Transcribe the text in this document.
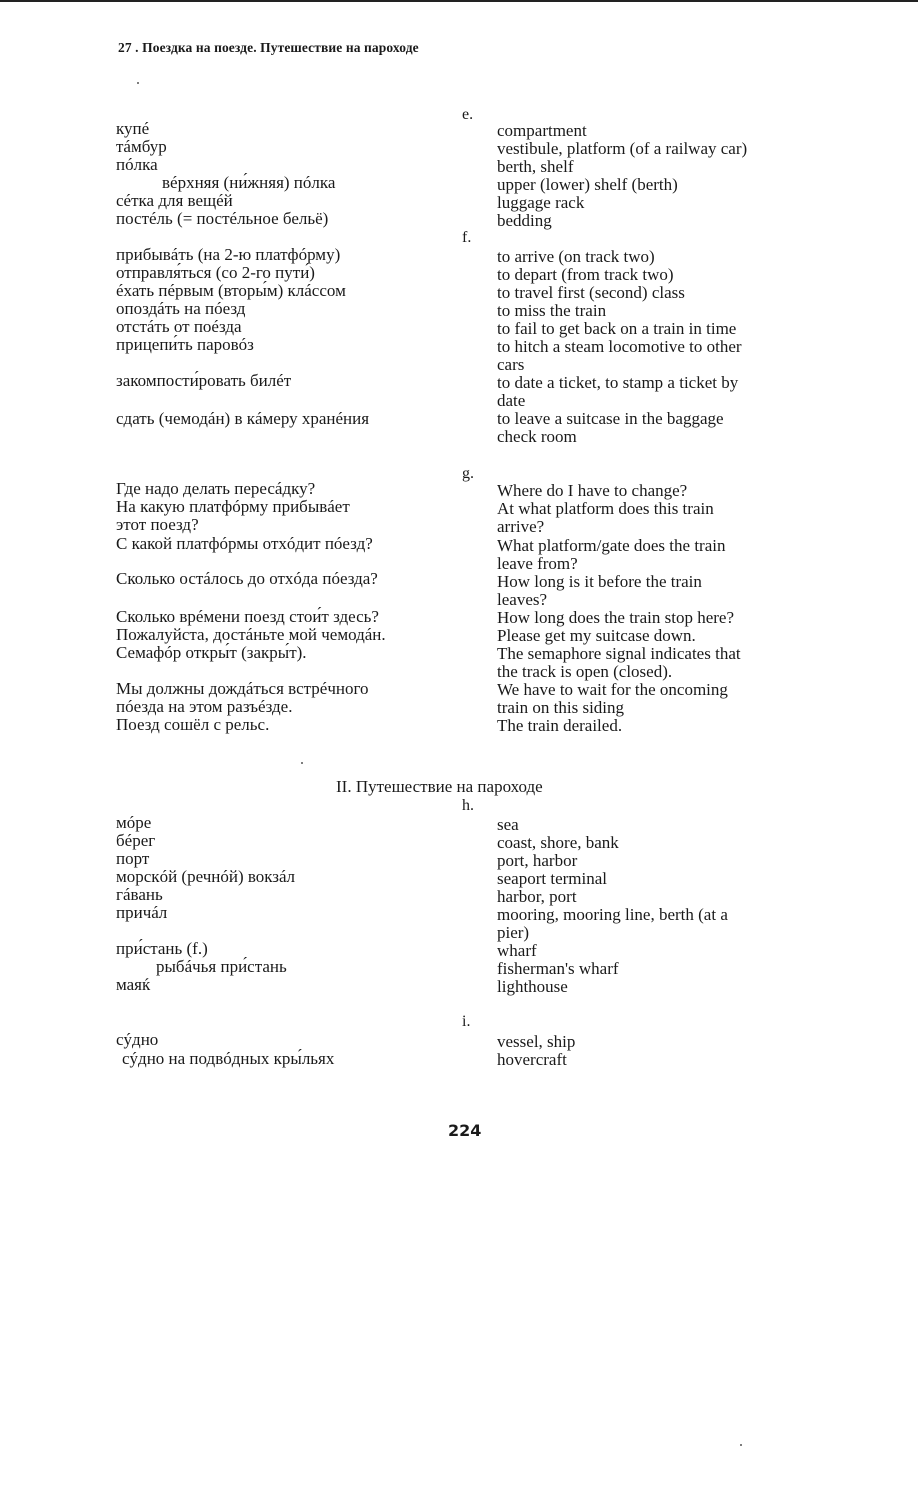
27 . Поездка на поезде. Путешествие на пароходе
e.
купé
тáмбур
пóлка
вéрхняя (ни́жняя) пóлка
сéтка для вещéй
постéль (= постéльное бельё)
compartment
vestibule, platform (of a railway car)
berth, shelf
upper (lower) shelf (berth)
luggage rack
bedding
f.
прибывáть (на 2-ю платфóрму)
отправля́ться (со 2-го пути́)
éхать пéрвым (вторы́м) клáссом
опоздáть на пóезд
отстáть от поéзда
прицепи́ть паровóз
закомпости́ровать билéт
сдать (чемодáн) в кáмеру хранéния
to arrive (on track two)
to depart (from track two)
to travel first (second) class
to miss the train
to fail to get back on a train in time
to hitch a steam locomotive to other
cars
to date a ticket, to stamp a ticket by
date
to leave a suitcase in the baggage
check room
g.
Где надо делать пересáдку?
На какую платфóрму прибывáет
этот поезд?
С какой платфóрмы отхóдит пóезд?
Сколько остáлось до отхóда пóезда?
Сколько врéмени поезд стои́т здесь?
Пожалуйста, достáньте мой чемодáн.
Семафóр откры́т (закры́т).
Мы должны дождáться встрéчного
пóезда на этом разъéзде.
Поезд сошёл с рельс.
Where do I have to change?
At what platform does this train
arrive?
What platform/gate does the train
leave from?
How long is it before the train
leaves?
How long does the train stop here?
Please get my suitcase down.
The semaphore signal indicates that
the track is open (closed).
We have to wait for the oncoming
train on this siding
The train derailed.
II. Путешествие на пароходе
h.
мóре
бéрег
порт
морскóй (речнóй) вокзáл
гáвань
причáл
при́стань (f.)
рыбáчья при́стань
маяќ
sea
coast, shore, bank
port, harbor
seaport terminal
harbor, port
mooring, mooring line, berth (at a
pier)
wharf
fisherman's wharf
lighthouse
i.
сýдно
сýдно на подвóдных кры́льях
vessel, ship
hovercraft
224
